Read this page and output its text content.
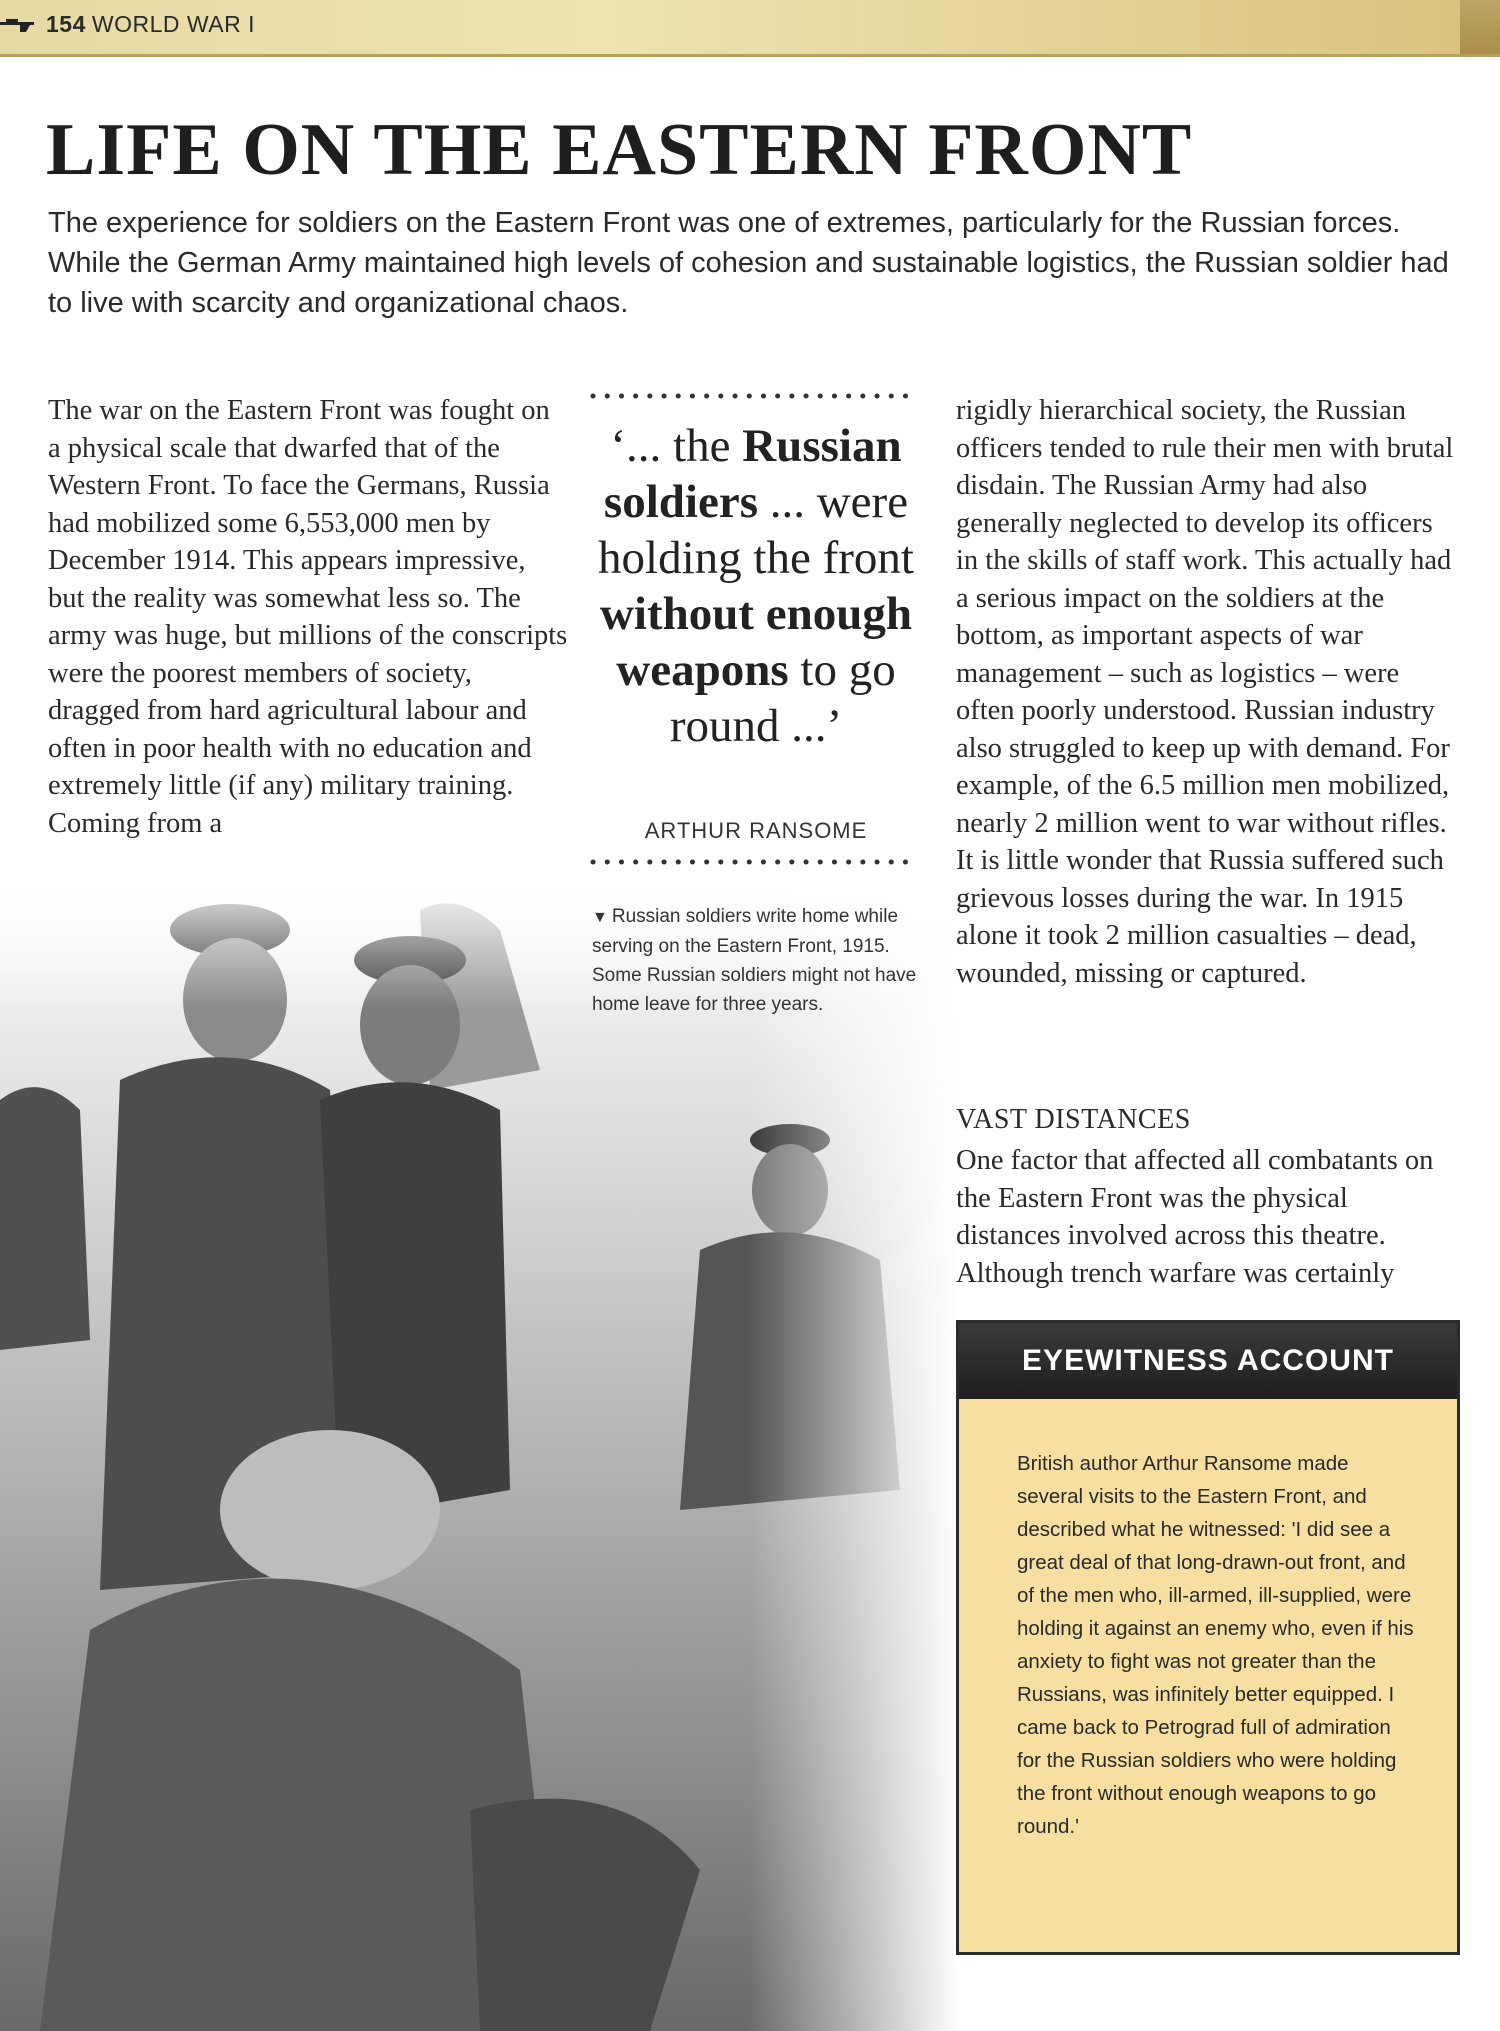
154 WORLD WAR I
LIFE ON THE EASTERN FRONT

The experience for soldiers on the Eastern Front was one of extremes, particularly for the Russian forces. While the German Army maintained high levels of cohesion and sustainable logistics, the Russian soldier had to live with scarcity and organizational chaos.

The war on the Eastern Front was fought on a physical scale that dwarfed that of the Western Front. To face the Germans, Russia had mobilized some 6,553,000 men by December 1914. This appears impressive, but the reality was somewhat less so. The army was huge, but millions of the conscripts were the poorest members of society, dragged from hard agricultural labour and often in poor health with no education and extremely little (if any) military training. Coming from a

‘... the Russian soldiers ... were holding the front without enough weapons to go round ...’

ARTHUR RANSOME
▼ Russian soldiers write home while serving on the Eastern Front, 1915. Some Russian soldiers might not have home leave for three years.

rigidly hierarchical society, the Russian officers tended to rule their men with brutal disdain. The Russian Army had also generally neglected to develop its officers in the skills of staff work. This actually had a serious impact on the soldiers at the bottom, as important aspects of war management – such as logistics – were often poorly understood. Russian industry also struggled to keep up with demand. For example, of the 6.5 million men mobilized, nearly 2 million went to war without rifles. It is little wonder that Russia suffered such grievous losses during the war. In 1915 alone it took 2 million casualties – dead, wounded, missing or captured.

VAST DISTANCES

One factor that affected all combatants on the Eastern Front was the physical distances involved across this theatre. Although trench warfare was certainly

EYEWITNESS ACCOUNT

British author Arthur Ransome made several visits to the Eastern Front, and described what he witnessed: 'I did see a great deal of that long-drawn-out front, and of the men who, ill-armed, ill-supplied, were holding it against an enemy who, even if his anxiety to fight was not greater than the Russians, was infinitely better equipped. I came back to Petrograd full of admiration for the Russian soldiers who were holding the front without enough weapons to go round.'
